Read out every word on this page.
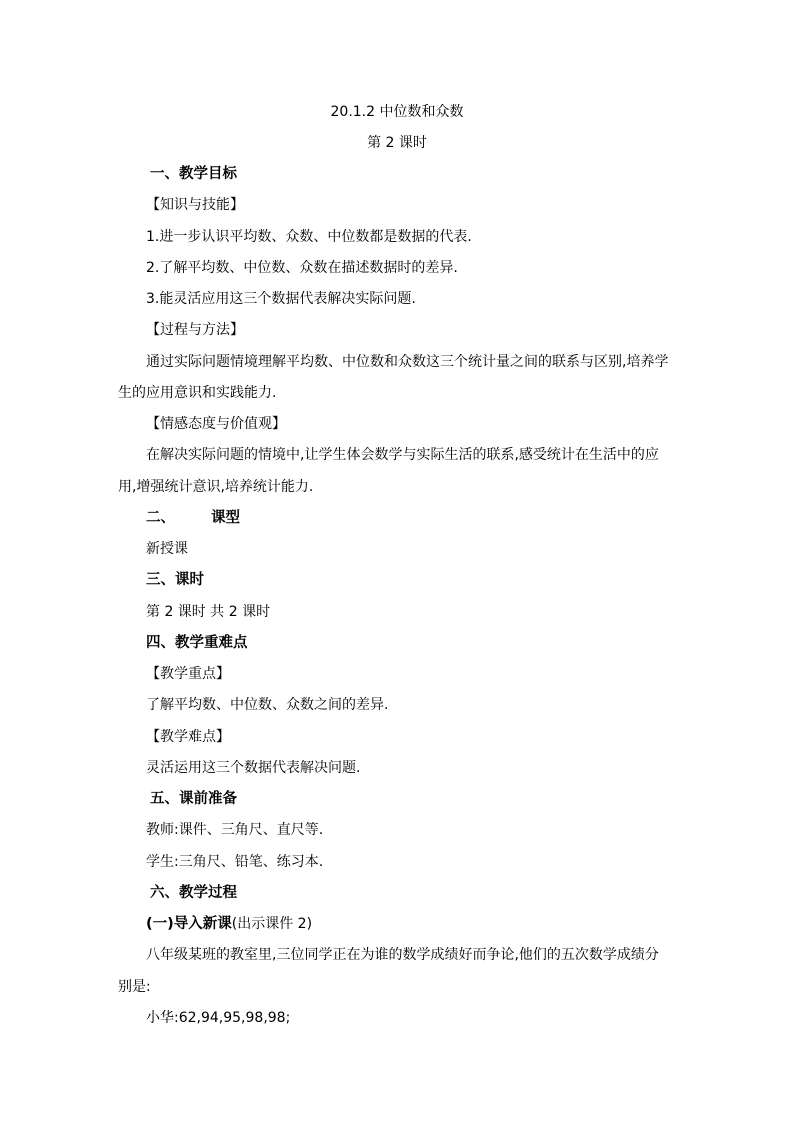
20.1.2 中位数和众数
第 2 课时
一、教学目标
【知识与技能】
1.进一步认识平均数、众数、中位数都是数据的代表.
2.了解平均数、中位数、众数在描述数据时的差异.
3.能灵活应用这三个数据代表解决实际问题.
【过程与方法】
通过实际问题情境理解平均数、中位数和众数这三个统计量之间的联系与区别,培养学
生的应用意识和实践能力.
【情感态度与价值观】
在解决实际问题的情境中,让学生体会数学与实际生活的联系,感受统计在生活中的应
用,增强统计意识,培养统计能力.
二、 课型
新授课
三、课时
第 2 课时 共 2 课时
四、教学重难点
【教学重点】
了解平均数、中位数、众数之间的差异.
【教学难点】
灵活运用这三个数据代表解决问题.
五、课前准备
教师:课件、三角尺、直尺等.
学生:三角尺、铅笔、练习本.
六、教学过程
(一)导入新课(出示课件 2)
八年级某班的教室里,三位同学正在为谁的数学成绩好而争论,他们的五次数学成绩分
别是:
小华:62,94,95,98,98;
